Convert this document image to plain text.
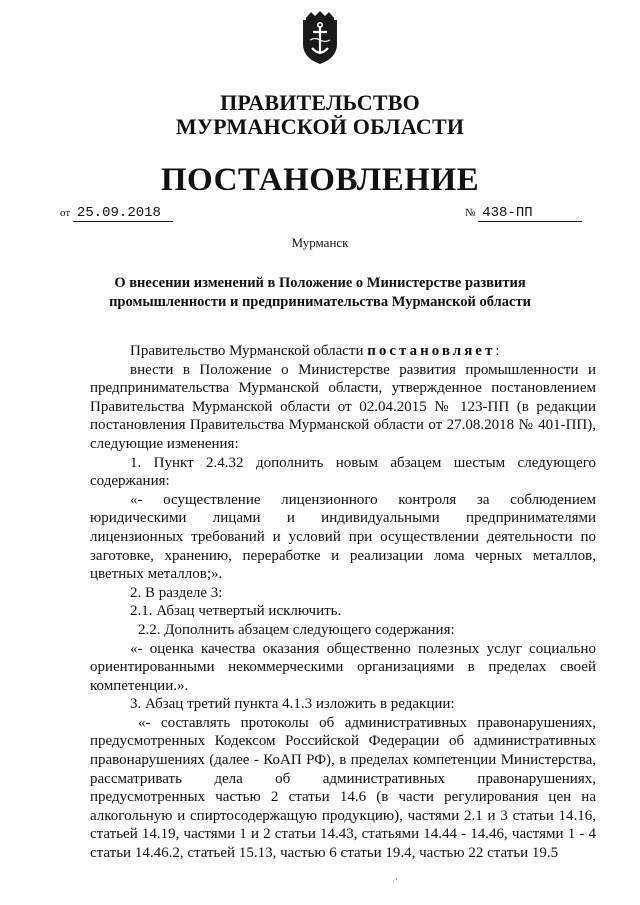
ПРАВИТЕЛЬСТВО
МУРМАНСКОЙ ОБЛАСТИ
ПОСТАНОВЛЕНИЕ
от 25.09.2018	№ 438-ПП
Мурманск
О внесении изменений в Положение о Министерстве развития
промышленности и предпринимательства Мурманской области

Правительство Мурманской области постановляет:

внести в Положение о Министерстве развития промышленности и предпринимательства Мурманской области, утвержденное постановлением Правительства Мурманской области от 02.04.2015 № 123-ПП (в редакции постановления Правительства Мурманской области от 27.08.2018 № 401-ПП), следующие изменения:

1. Пункт 2.4.32 дополнить новым абзацем шестым следующего содержания:

«- осуществление лицензионного контроля за соблюдением юридическими лицами и индивидуальными предпринимателями лицензионных требований и условий при осуществлении деятельности по заготовке, хранению, переработке и реализации лома черных металлов, цветных металлов;».

2. В разделе 3:

2.1. Абзац четвертый исключить.

2.2. Дополнить абзацем следующего содержания:

«- оценка качества оказания общественно полезных услуг социально ориентированными некоммерческими организациями в пределах своей компетенции.».

3. Абзац третий пункта 4.1.3 изложить в редакции:

«- составлять протоколы об административных правонарушениях, предусмотренных Кодексом Российской Федерации об административных правонарушениях (далее - КоАП РФ), в пределах компетенции Министерства, рассматривать дела об административных правонарушениях, предусмотренных частью 2 статьи 14.6 (в части регулирования цен на алкогольную и спиртосодержащую продукцию), частями 2.1 и 3 статьи 14.16, статьей 14.19, частями 1 и 2 статьи 14.43, статьями 14.44 - 14.46, частями 1 - 4 статьи 14.46.2, статьей 15.13, частью 6 статьи 19.4, частью 22 статьи 19.5

·ʻ
